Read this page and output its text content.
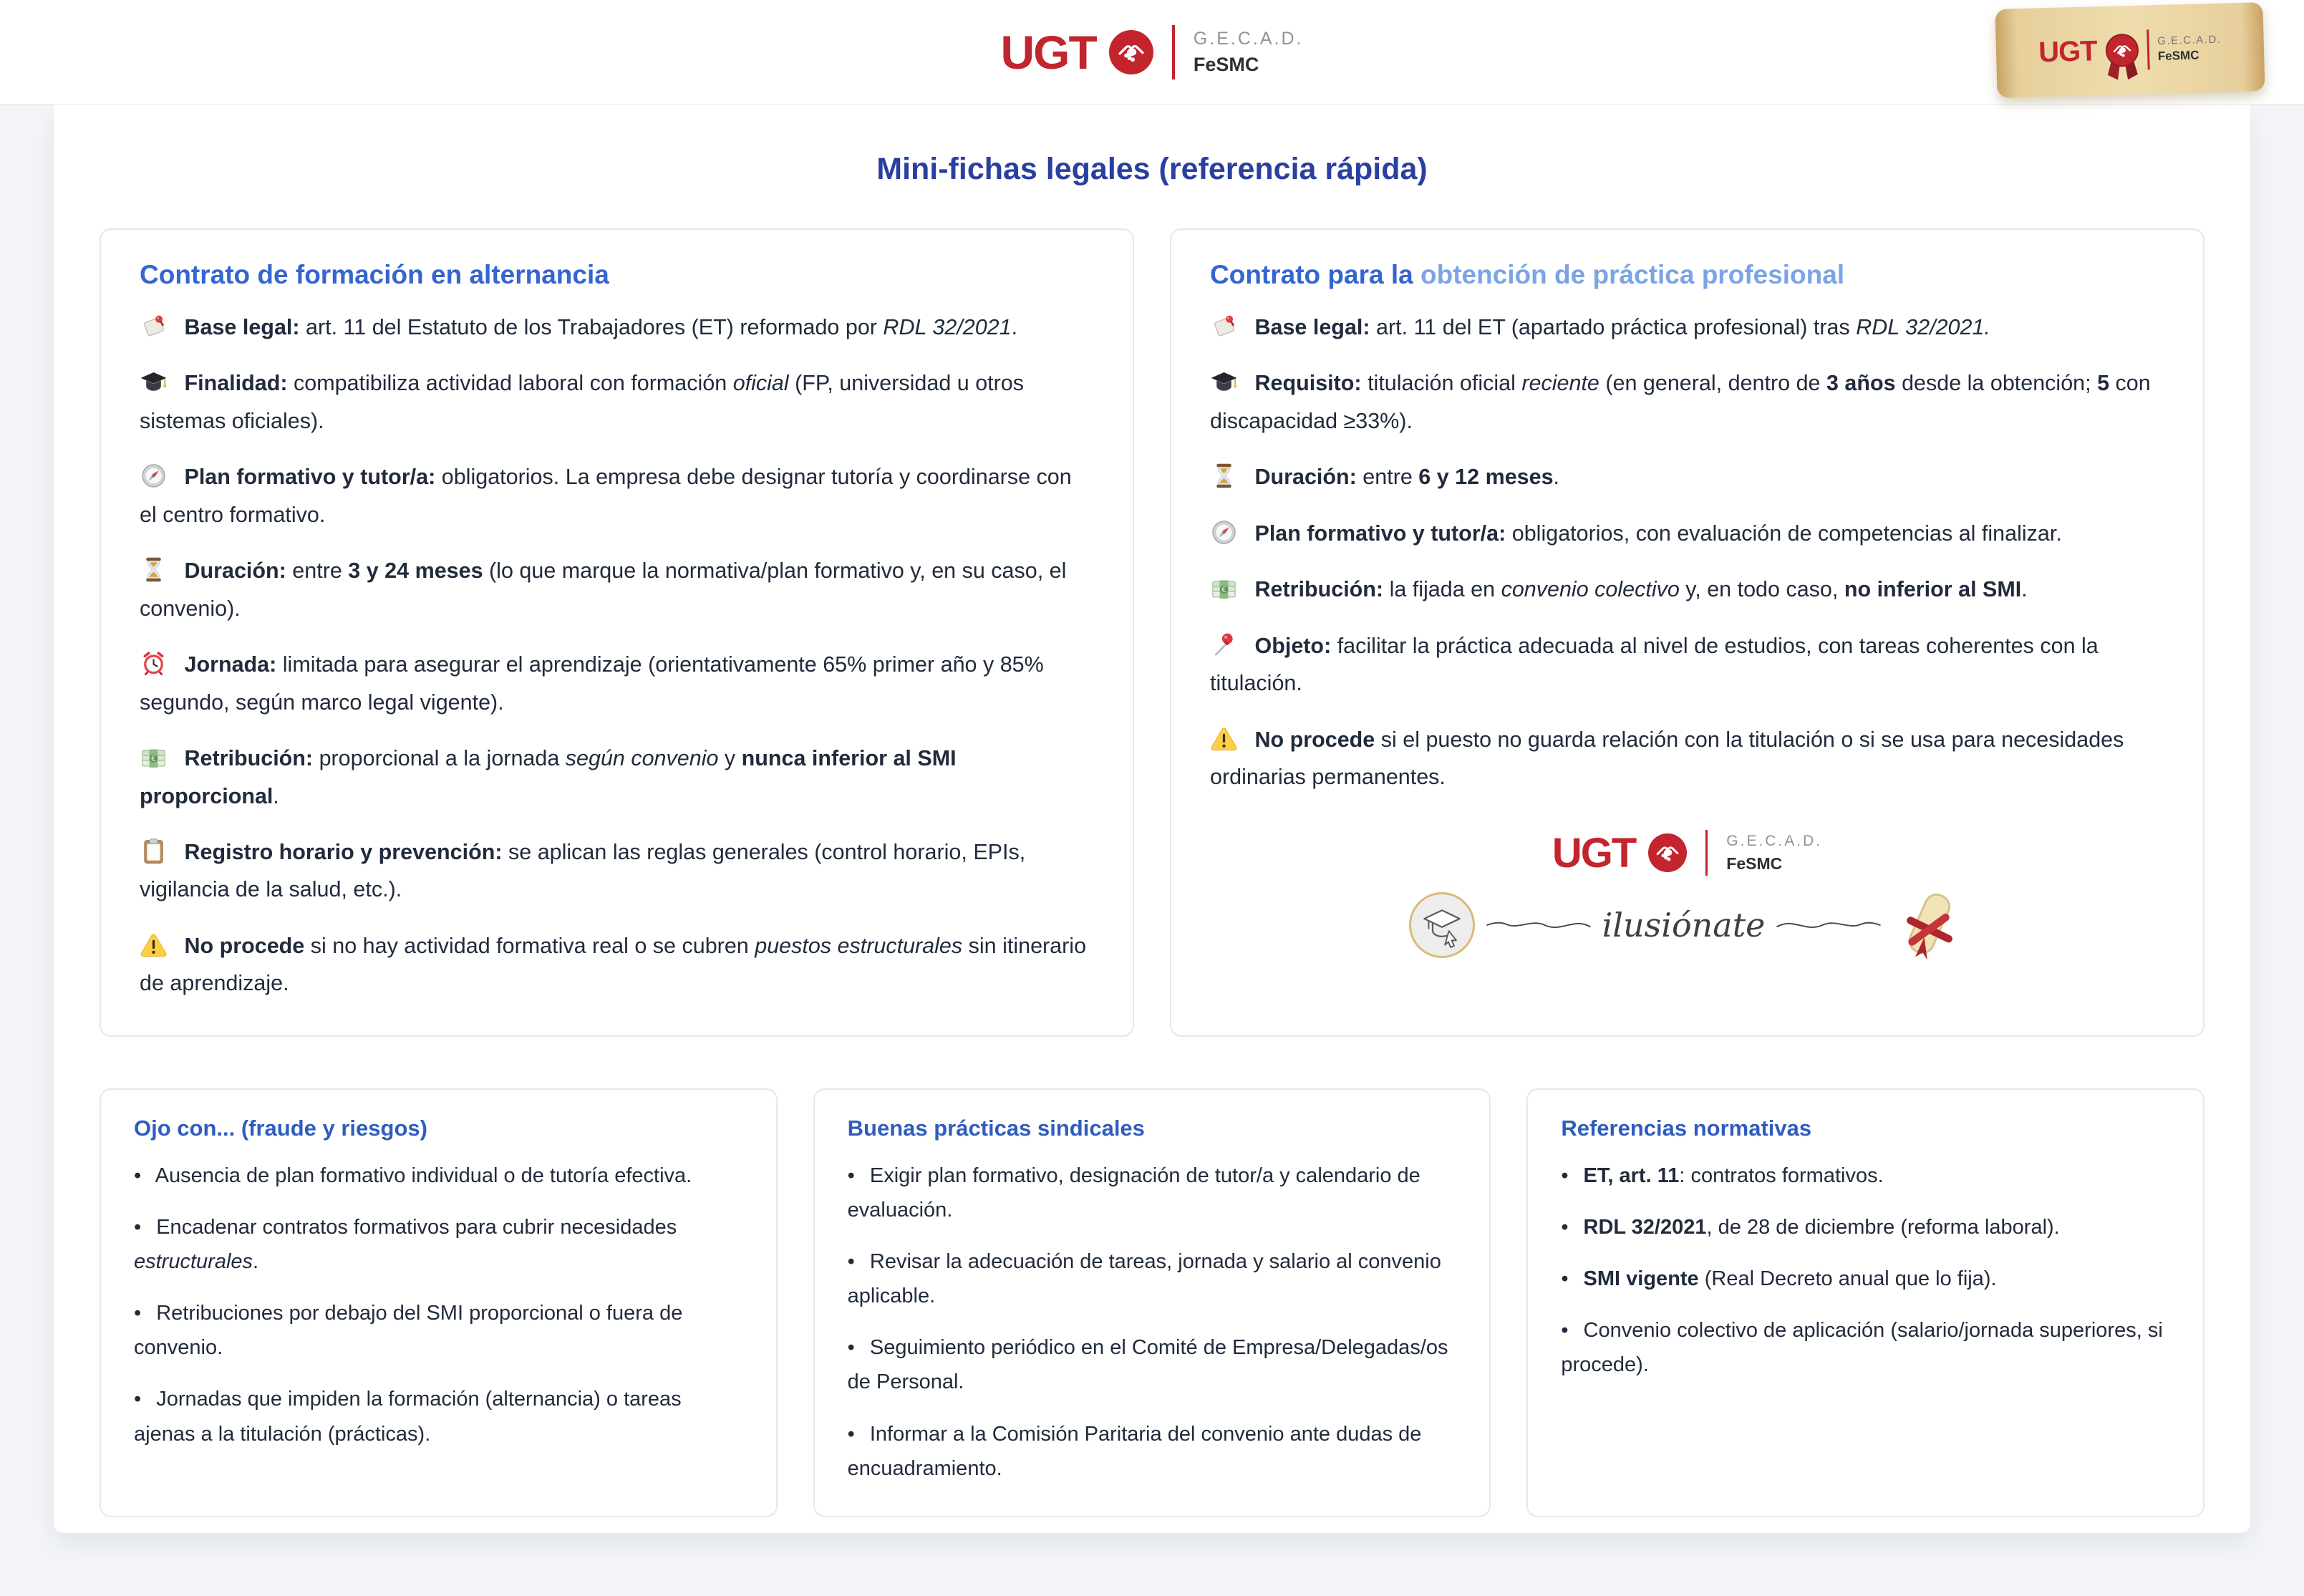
UGT	G.E.C.A.D.
FeSMC	UGT	G.E.C.A.D.
FeSMC
Mini-fichas legales (referencia rápida)
Contrato de formación en alternancia

Base legal: art. 11 del Estatuto de los Trabajadores (ET) reformado por RDL 32/2021.

Finalidad: compatibiliza actividad laboral con formación oficial (FP, universidad u otros sistemas oficiales).

Plan formativo y tutor/a: obligatorios. La empresa debe designar tutoría y coordinarse con el centro formativo.

Duración: entre 3 y 24 meses (lo que marque la normativa/plan formativo y, en su caso, el convenio).

Jornada: limitada para asegurar el aprendizaje (orientativamente 65% primer año y 85% segundo, según marco legal vigente).

Retribución: proporcional a la jornada según convenio y nunca inferior al SMI proporcional.

Registro horario y prevención: se aplican las reglas generales (control horario, EPIs, vigilancia de la salud, etc.).

No procede si no hay actividad formativa real o se cubren puestos estructurales sin itinerario de aprendizaje.

Contrato para la obtención de práctica profesional

Base legal: art. 11 del ET (apartado práctica profesional) tras RDL 32/2021.

Requisito: titulación oficial reciente (en general, dentro de 3 años desde la obtención; 5 con discapacidad ≥33%).

Duración: entre 6 y 12 meses.

Plan formativo y tutor/a: obligatorios, con evaluación de competencias al finalizar.

Retribución: la fijada en convenio colectivo y, en todo caso, no inferior al SMI.

Objeto: facilitar la práctica adecuada al nivel de estudios, con tareas coherentes con la titulación.

No procede si el puesto no guarda relación con la titulación o si se usa para necesidades ordinarias permanentes.

UGT	G.E.C.A.D.
FeSMC
ilusiónate
Ojo con... (fraude y riesgos)

• Ausencia de plan formativo individual o de tutoría efectiva.

• Encadenar contratos formativos para cubrir necesidades estructurales.

• Retribuciones por debajo del SMI proporcional o fuera de convenio.

• Jornadas que impiden la formación (alternancia) o tareas ajenas a la titulación (prácticas).

Buenas prácticas sindicales

• Exigir plan formativo, designación de tutor/a y calendario de evaluación.

• Revisar la adecuación de tareas, jornada y salario al convenio aplicable.

• Seguimiento periódico en el Comité de Empresa/Delegadas/os de Personal.

• Informar a la Comisión Paritaria del convenio ante dudas de encuadramiento.

Referencias normativas

• ET, art. 11: contratos formativos.

• RDL 32/2021, de 28 de diciembre (reforma laboral).

• SMI vigente (Real Decreto anual que lo fija).

• Convenio colectivo de aplicación (salario/jornada superiores, si procede).
